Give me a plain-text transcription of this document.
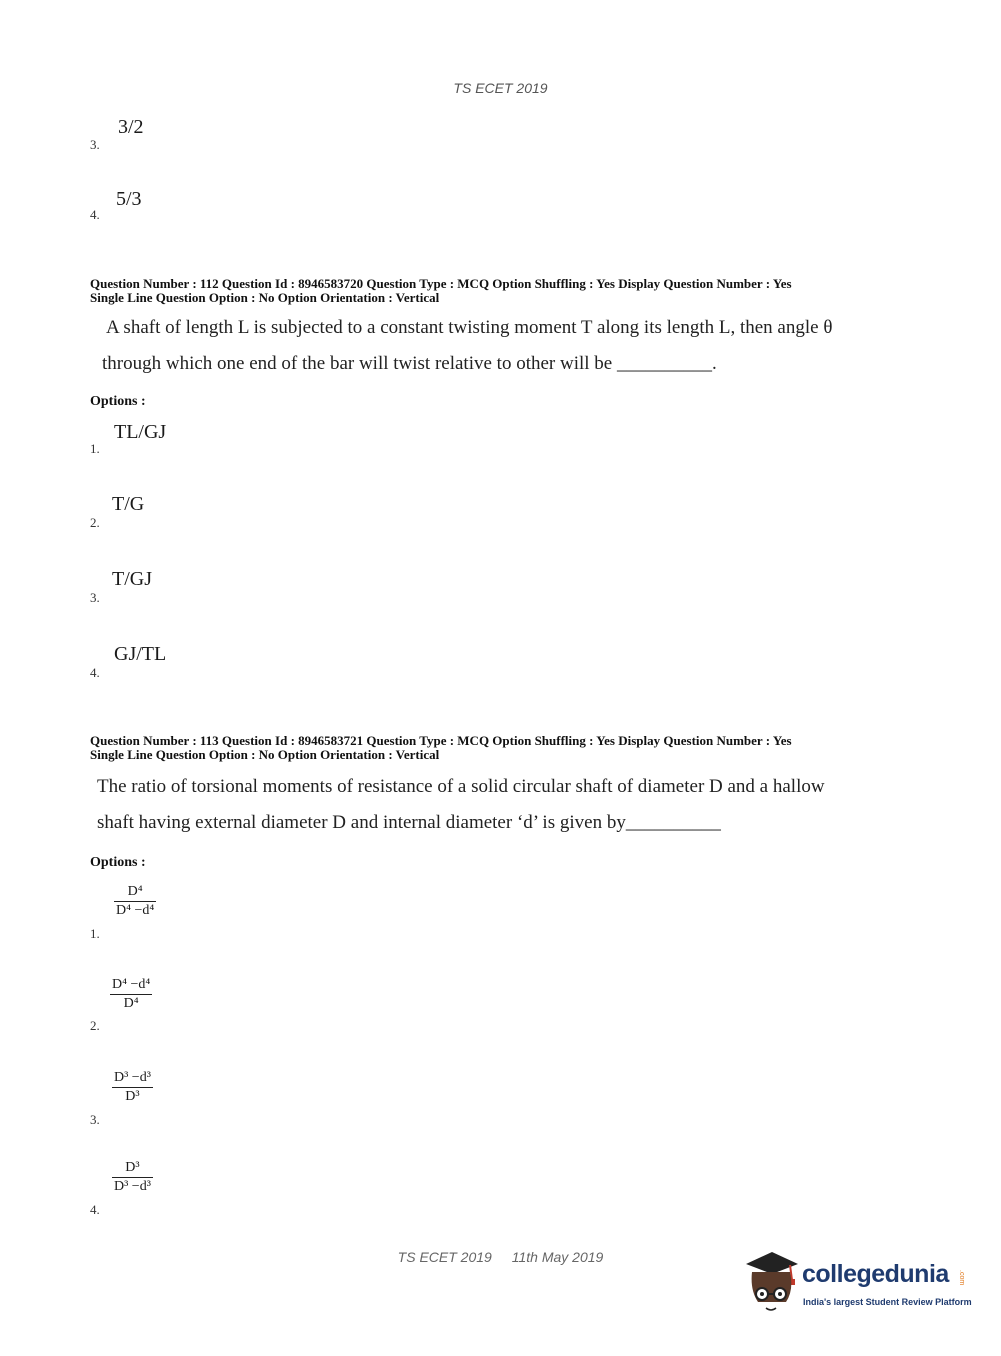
TS ECET 2019
3/2
3.
5/3
4.
Question Number : 112 Question Id : 8946583720 Question Type : MCQ Option Shuffling : Yes Display Question Number : Yes
Single Line Question Option : No Option Orientation : Vertical
A shaft of length L is subjected to a constant twisting moment T along its length L, then angle θ
through which one end of the bar will twist relative to other will be __________.
Options :
TL/GJ
1.
T/G
2.
T/GJ
3.
GJ/TL
4.
Question Number : 113 Question Id : 8946583721 Question Type : MCQ Option Shuffling : Yes Display Question Number : Yes
Single Line Question Option : No Option Orientation : Vertical
The ratio of torsional moments of resistance of a solid circular shaft of diameter D and a hallow
shaft having external diameter D and internal diameter ‘d’ is given by__________
Options :
$\frac{\text{D⁴}}{\text{D⁴ −d⁴}}$
1.
$\frac{\text{D⁴ −d⁴}}{\text{D⁴}}$
2.
$\frac{\text{D³ −d³}}{\text{D³}}$
3.
$\frac{\text{D³}}{\text{D³ −d³}}$
4.
TS ECET 2019 11th May 2019
collegedunia .com
India's largest Student Review Platform
